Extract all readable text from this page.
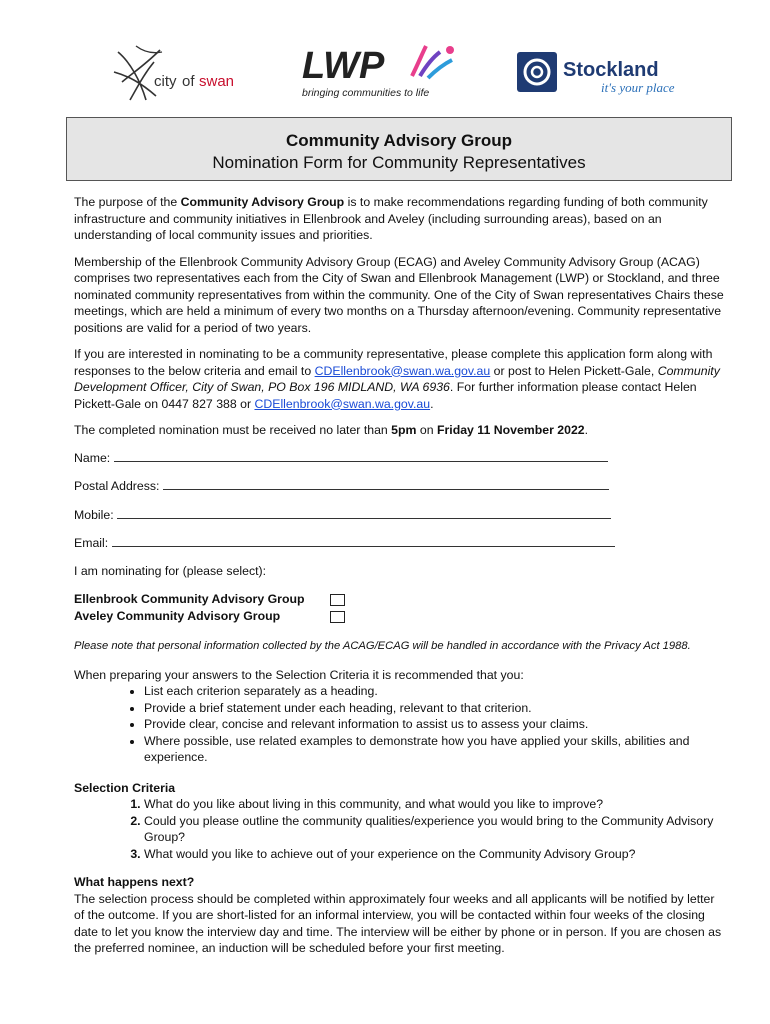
city of swan LWP
bringing communities to life
Stockland
it's your place
Community Advisory Group
Nomination Form for Community Representatives

The purpose of the Community Advisory Group is to make recommendations regarding funding of both community infrastructure and community initiatives in Ellenbrook and Aveley (including surrounding areas), based on an understanding of local community issues and priorities.

Membership of the Ellenbrook Community Advisory Group (ECAG) and Aveley Community Advisory Group (ACAG) comprises two representatives each from the City of Swan and Ellenbrook Management (LWP) or Stockland, and three nominated community representatives from within the community. One of the City of Swan representatives Chairs these meetings, which are held a minimum of every two months on a Thursday afternoon/evening. Community representative positions are valid for a period of two years.

If you are interested in nominating to be a community representative, please complete this application form along with responses to the below criteria and email to CDEllenbrook@swan.wa.gov.au or post to Helen Pickett-Gale, Community Development Officer, City of Swan, PO Box 196 MIDLAND, WA 6936. For further information please contact Helen Pickett-Gale on 0447 827 388 or CDEllenbrook@swan.wa.gov.au.

The completed nomination must be received no later than 5pm on Friday 11 November 2022.

Name:
Postal Address:
Mobile:
Email:

I am nominating for (please select):

Ellenbrook Community Advisory Group
Aveley Community Advisory Group

Please note that personal information collected by the ACAG/ECAG will be handled in accordance with the Privacy Act 1988.

When preparing your answers to the Selection Criteria it is recommended that you:

• List each criterion separately as a heading.
• Provide a brief statement under each heading, relevant to that criterion.
• Provide clear, concise and relevant information to assist us to assess your claims.
• Where possible, use related examples to demonstrate how you have applied your skills, abilities and experience.

Selection Criteria

1. What do you like about living in this community, and what would you like to improve?
2. Could you please outline the community qualities/experience you would bring to the Community Advisory Group?
3. What would you like to achieve out of your experience on the Community Advisory Group?

What happens next?

The selection process should be completed within approximately four weeks and all applicants will be notified by letter of the outcome. If you are short-listed for an informal interview, you will be contacted within four weeks of the closing date to let you know the interview day and time. The interview will be either by phone or in person. If you are chosen as the preferred nominee, an induction will be scheduled before your first meeting.
